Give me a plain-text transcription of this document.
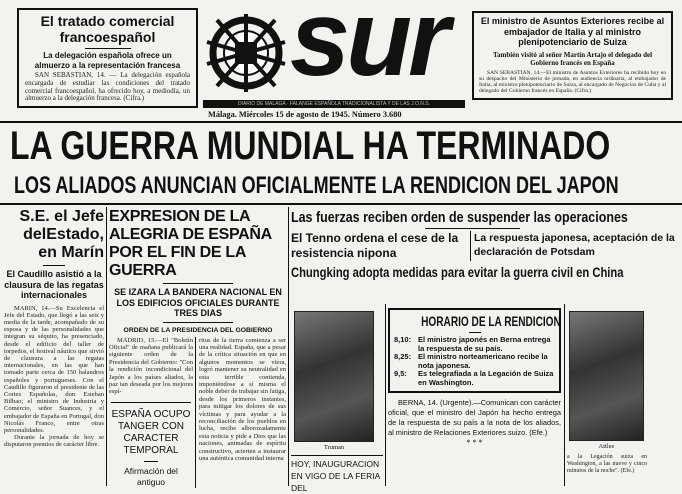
El tratado comercial francoespañol
La delegación española ofrece un almuerzo a la representación francesa
SAN SEBASTIAN, 14. — La delegación española encargada de estudiar las condiciones del tratado comercial francoespañol, ha ofrecido hoy, a mediodía, un almuerzo a la delegación francesa. (Cifra.)
sur
DIARIO DE MALAGA · FALANGE ESPAÑOLA TRADICIONALISTA Y DE LAS J.O.N.S.
Málaga. Miércoles 15 de agosto de 1945. Número 3.680
El ministro de Asuntos Exteriores recibe al embajador de Italia y al ministro plenipotenciario de Suiza
También visitó al señor Martín Artajo el delegado del Gobierno francés en España
SAN SEBASTIAN, 14.—El ministro de Asuntos Exteriores ha recibido hoy en su despacho del Ministerio de jornada, en audiencia ordinaria, al embajador de Italia, al ministro plenipotenciario de Suiza, al encargado de Negocios de Cuba y al delegado del Gobierno francés en España. (Cifra.)
LA GUERRA MUNDIAL HA TERMINADO
LOS ALIADOS ANUNCIAN OFICIALMENTE LA RENDICION DEL JAPON
S.E. el Jefe delEstado, en Marín
El Caudillo asistió a la clausura de las regatas internacionales
MARIN, 14.—Su Excelencia el Jefe del Estado, que llegó a las seis y media de la tarde, acompañado de su esposa y de las personalidades que integran su séquito, ha presenciado, desde el edificio del taller de torpedos, el festival náutico que sirvió de clausura a las regatas internacionales, en las que han tomado parte cerca de 150 balandros españoles y portugueses. Con el Caudillo figuraron el presidente de las Cortes Españolas, don Esteban Bilbao; el ministro de Industria y Comercio, señor Suances, y el embajador de España en Portugal, don Nicolás Franco, entre otras personalidades.
Durante la jornada de hoy se disputaron premios de carácter libre.
EXPRESION DE LA ALEGRIA DE ESPAÑA POR EL FIN DE LA GUERRA
SE IZARA LA BANDERA NACIONAL EN LOS EDIFICIOS OFICIALES DURANTE TRES DIAS
ORDEN DE LA PRESIDENCIA DEL GOBIERNO
MADRID, 15.—El "Boletín Oficial" de mañana publicará la siguiente orden de la Presidencia del Gobierno: "Con la rendición incondicional del Japón a los países aliados, la paz tan deseada por los mejores espí-
ESPAÑA OCUPO TANGER CON CARACTER TEMPORAL
Afirmación del antiguo
ritus de la tierra comienza a ser una realidad. España, que a pesar de la crítica situación en que en algunos momentos se viera, logró mantener su neutralidad en esta terrible contienda, imponiéndose a sí misma el noble deber de trabajar sin fatiga, desde los primeros instantes, para mitigar los dolores de sus víctimas y para ayudar a la reconciliación de los pueblos en lucha, recibe alborozadamente esta noticia y pide a Dios que las naciones, animadas de espíritu constructivo, acierten a instaurar una auténtica comunidad interna
Las fuerzas reciben orden de suspender las operaciones
El Tenno ordena el cese de la resistencia nipona
La respuesta japonesa, aceptación de la declaración de Potsdam
Chungking adopta medidas para evitar la guerra civil en China
Truman
HOY, INAUGURACION EN VIGO DE LA FERIA DEL
HORARIO DE LA RENDICION
8,10: El ministro japonés en Berna entrega la respuesta de su país.
8,25: El ministro norteamericano recibe la nota japonesa.
9,5:	Es telegrafiada a la Legación de Suiza en Washington.
BERNA, 14. (Urgente).—Comunican con carácter oficial, que el ministro del Japón ha hecho entrega de la respuesta de su país a la nota de los aliados, al ministro de Relaciones Exteriores suizo. (Efe.)
* * *	Attlee
a la Legación suiza en Washington, a las nueve y cinco minutos de la noche". (Efe.)
